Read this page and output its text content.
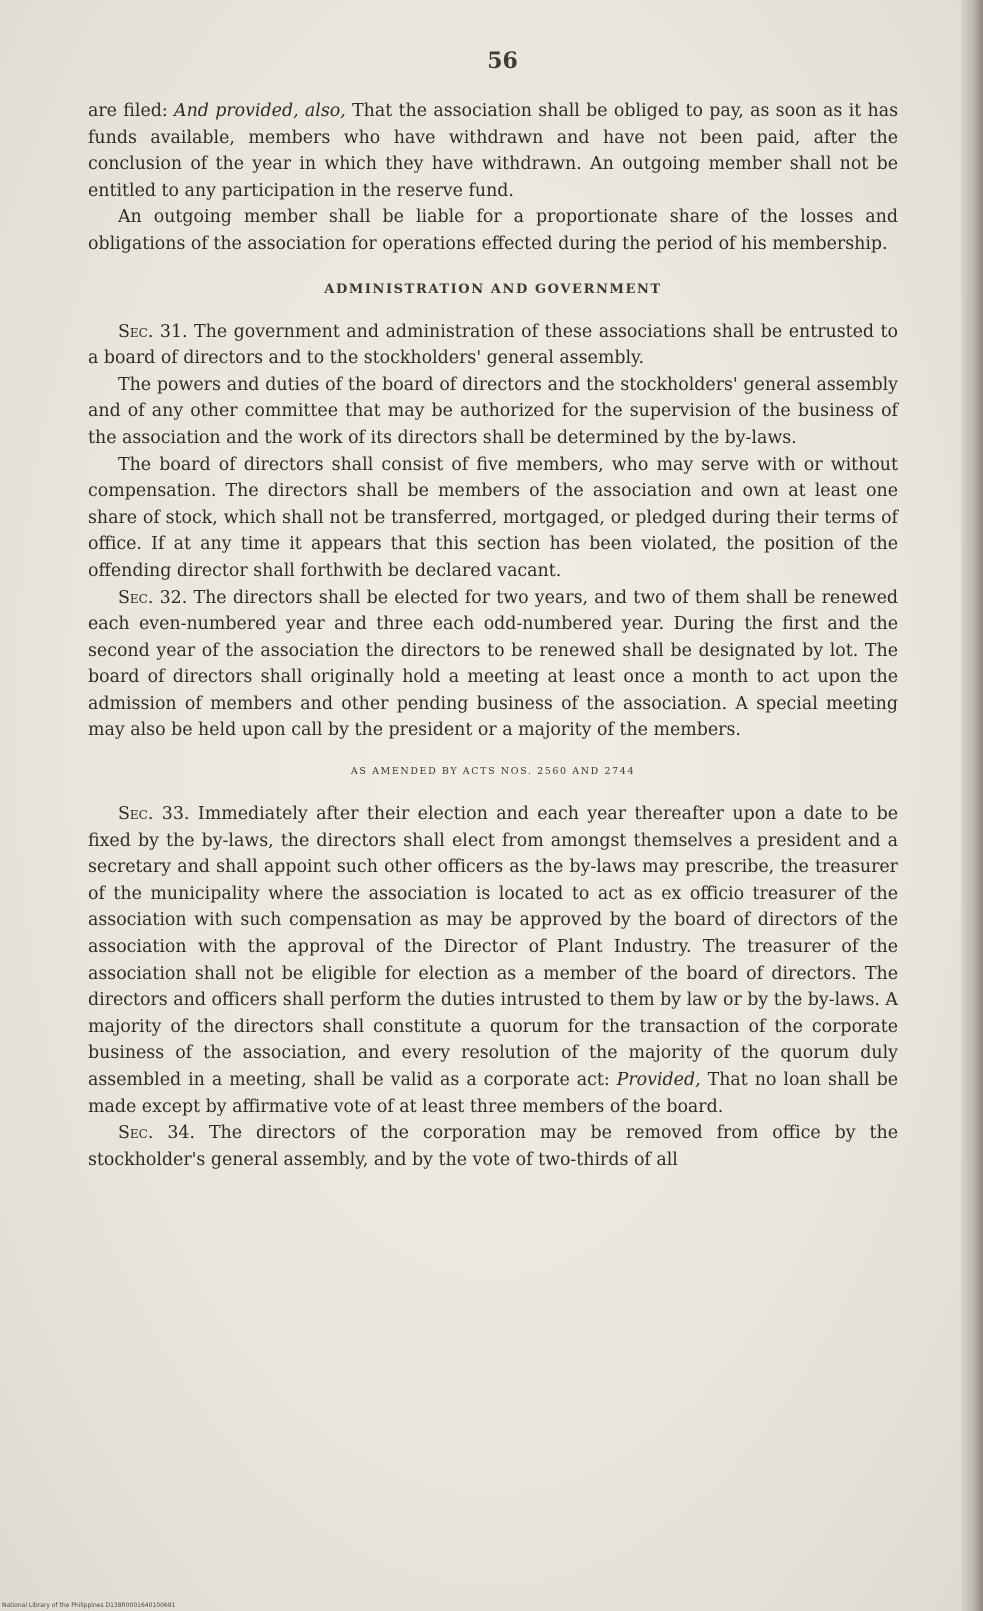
56

are filed: And provided, also, That the association shall be obliged to pay, as soon as it has funds available, members who have withdrawn and have not been paid, after the conclusion of the year in which they have withdrawn. An outgoing member shall not be entitled to any participation in the reserve fund.

An outgoing member shall be liable for a proportionate share of the losses and obligations of the association for operations effected during the period of his membership.

ADMINISTRATION AND GOVERNMENT

Sec. 31. The government and administration of these associations shall be entrusted to a board of directors and to the stockholders' general assembly.

The powers and duties of the board of directors and the stockholders' general assembly and of any other committee that may be authorized for the supervision of the business of the association and the work of its directors shall be determined by the by-laws.

The board of directors shall consist of five members, who may serve with or without compensation. The directors shall be members of the association and own at least one share of stock, which shall not be transferred, mortgaged, or pledged during their terms of office. If at any time it appears that this section has been violated, the position of the offending director shall forthwith be declared vacant.

Sec. 32. The directors shall be elected for two years, and two of them shall be renewed each even-numbered year and three each odd-numbered year. During the first and the second year of the association the directors to be renewed shall be designated by lot. The board of directors shall originally hold a meeting at least once a month to act upon the admission of members and other pending business of the association. A special meeting may also be held upon call by the president or a majority of the members.

AS AMENDED BY ACTS NOS. 2560 AND 2744

Sec. 33. Immediately after their election and each year thereafter upon a date to be fixed by the by-laws, the directors shall elect from amongst themselves a president and a secretary and shall appoint such other officers as the by-laws may prescribe, the treasurer of the municipality where the association is located to act as ex officio treasurer of the association with such compensation as may be approved by the board of directors of the association with the approval of the Director of Plant Industry. The treasurer of the association shall not be eligible for election as a member of the board of directors. The directors and officers shall perform the duties intrusted to them by law or by the by-laws. A majority of the directors shall constitute a quorum for the transaction of the corporate business of the association, and every resolution of the majority of the quorum duly assembled in a meeting, shall be valid as a corporate act: Provided, That no loan shall be made except by affirmative vote of at least three members of the board.

Sec. 34. The directors of the corporation may be removed from office by the stockholder's general assembly, and by the vote of two-thirds of all

National Library of the Philippines D138R0001640100691
